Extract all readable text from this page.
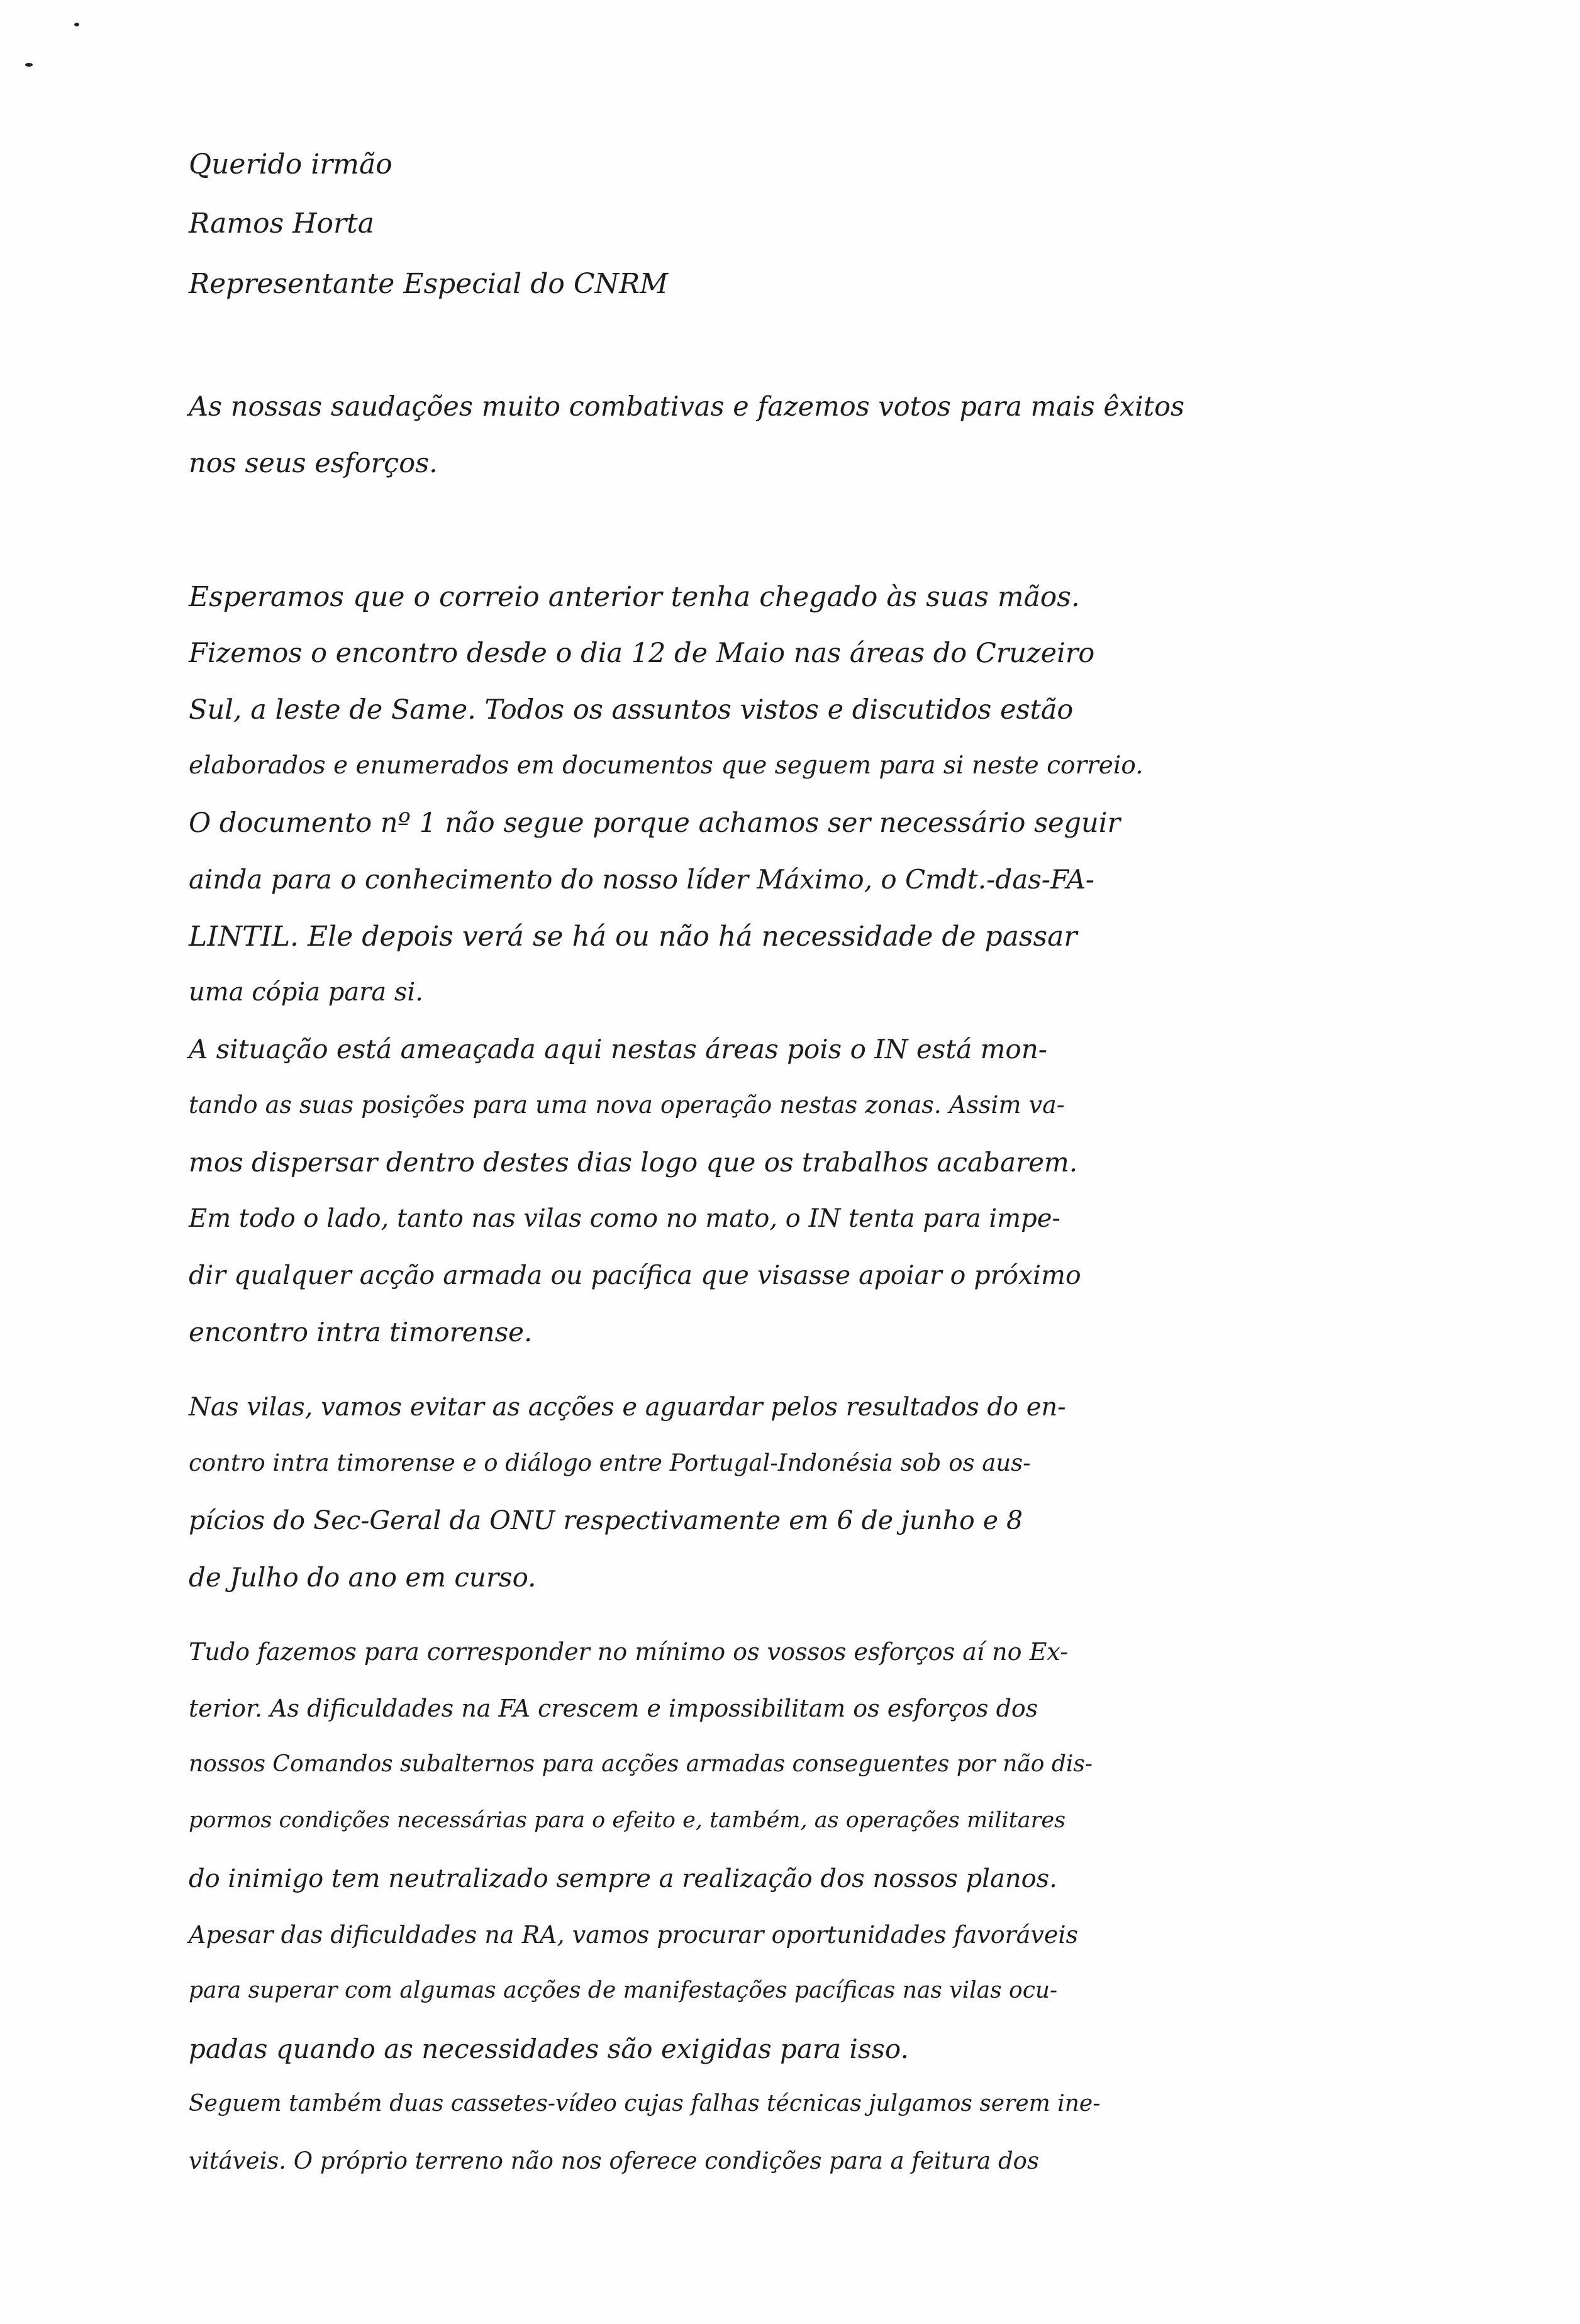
Querido irmão
Ramos Horta
Representante Especial do CNRM
As nossas saudações muito combativas e fazemos votos para mais êxitos
nos seus esforços.
Esperamos que o correio anterior tenha chegado às suas mãos.
Fizemos o encontro desde o dia 12 de Maio nas áreas do Cruzeiro
Sul, a leste de Same. Todos os assuntos vistos e discutidos estão
elaborados e enumerados em documentos que seguem para si neste correio.
O documento nº 1 não segue porque achamos ser necessário seguir
ainda para o conhecimento do nosso líder Máximo, o Cmdt.-das-FA-
LINTIL. Ele depois verá se há ou não há necessidade de passar
uma cópia para si.
A situação está ameaçada aqui nestas áreas pois o IN está mon-
tando as suas posições para uma nova operação nestas zonas. Assim va-
mos dispersar dentro destes dias logo que os trabalhos acabarem.
Em todo o lado, tanto nas vilas como no mato, o IN tenta para impe-
dir qualquer acção armada ou pacífica que visasse apoiar o próximo
encontro intra timorense.
Nas vilas, vamos evitar as acções e aguardar pelos resultados do en-
contro intra timorense e o diálogo entre Portugal-Indonésia sob os aus-
pícios do Sec-Geral da ONU respectivamente em 6 de junho e 8
de Julho do ano em curso.
Tudo fazemos para corresponder no mínimo os vossos esforços aí no Ex-
terior. As dificuldades na FA crescem e impossibilitam os esforços dos
nossos Comandos subalternos para acções armadas conseguentes por não dis-
pormos condições necessárias para o efeito e, também, as operações militares
do inimigo tem neutralizado sempre a realização dos nossos planos.
Apesar das dificuldades na RA, vamos procurar oportunidades favoráveis
para superar com algumas acções de manifestações pacíficas nas vilas ocu-
padas quando as necessidades são exigidas para isso.
Seguem também duas cassetes-vídeo cujas falhas técnicas julgamos serem ine-
vitáveis. O próprio terreno não nos oferece condições para a feitura dos
